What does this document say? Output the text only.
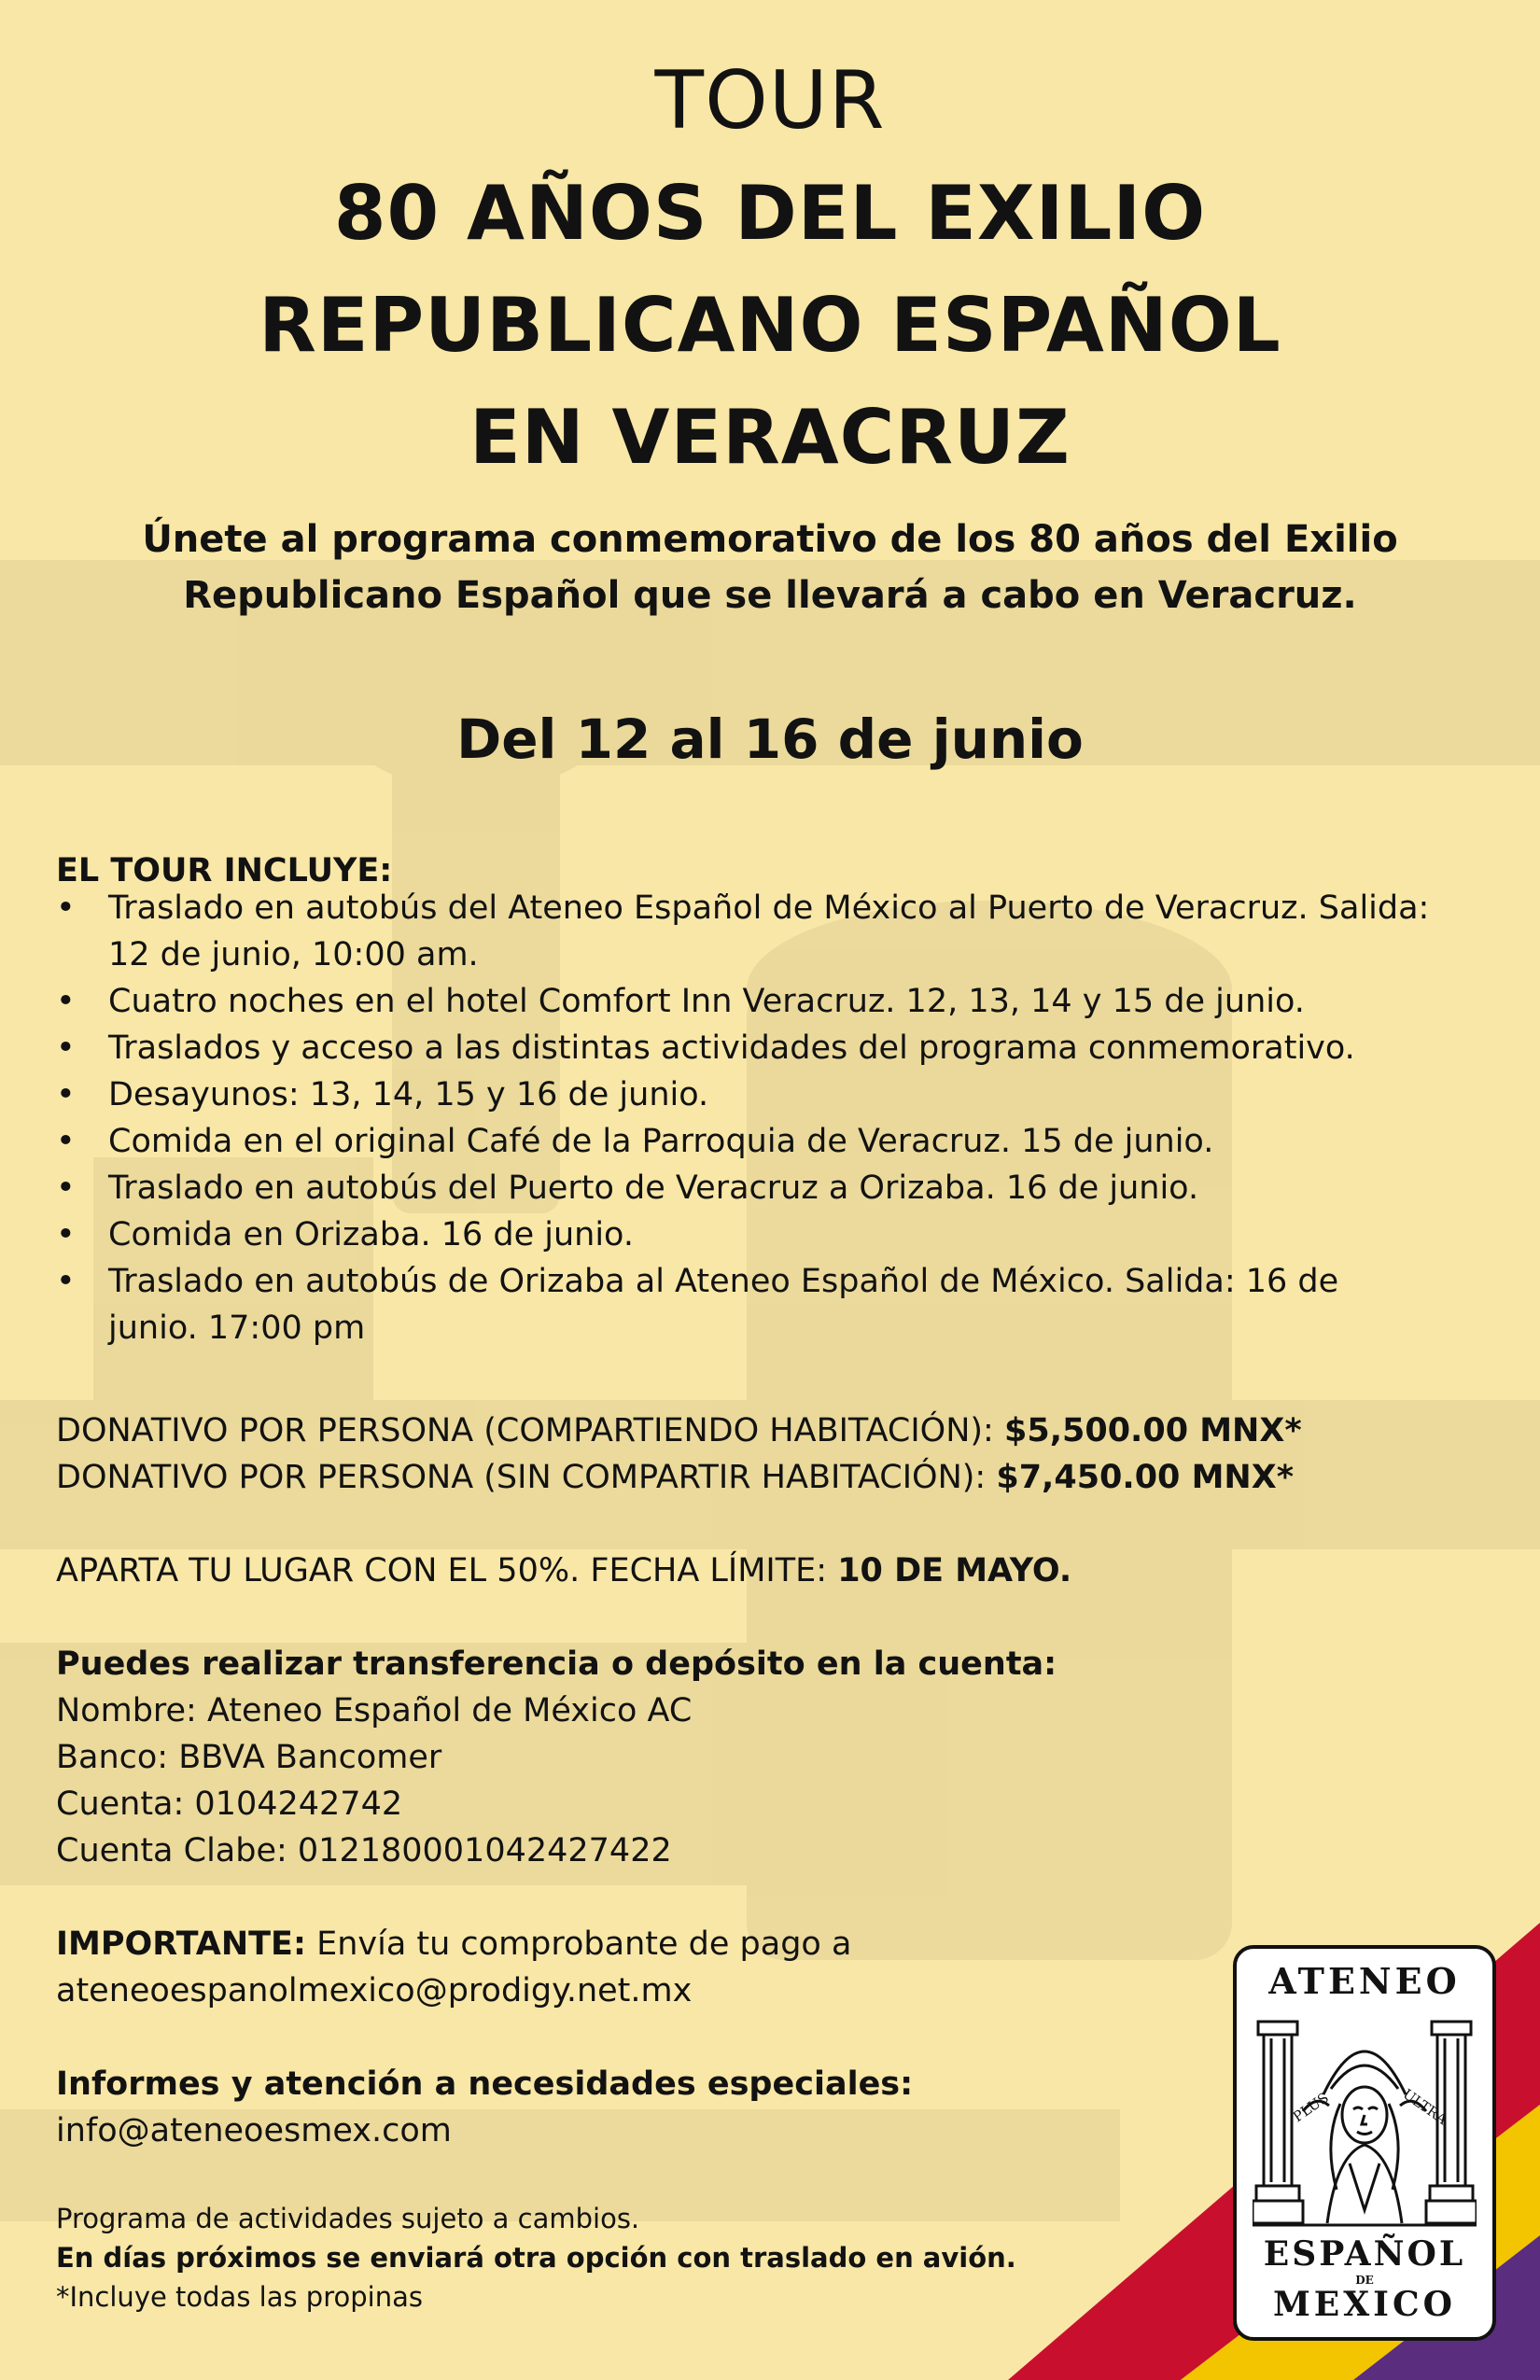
TOUR
80 AÑOS DEL EXILIO
REPUBLICANO ESPAÑOL
EN VERACRUZ
Únete al programa conmemorativo de los 80 años del Exilio
Republicano Español que se llevará a cabo en Veracruz.
Del 12 al 16 de junio
EL TOUR INCLUYE:
• Traslado en autobús del Ateneo Español de México al Puerto de Veracruz. Salida: 12 de junio, 10:00 am.
• Cuatro noches en el hotel Comfort Inn Veracruz. 12, 13, 14 y 15 de junio.
• Traslados y acceso a las distintas actividades del programa conmemorativo.
• Desayunos: 13, 14, 15 y 16 de junio.
• Comida en el original Café de la Parroquia de Veracruz. 15 de junio.
• Traslado en autobús del Puerto de Veracruz a Orizaba. 16 de junio.
• Comida en Orizaba. 16 de junio.
• Traslado en autobús de Orizaba al Ateneo Español de México. Salida: 16 de junio. 17:00 pm
DONATIVO POR PERSONA (COMPARTIENDO HABITACIÓN): $5,500.00 MNX*
DONATIVO POR PERSONA (SIN COMPARTIR HABITACIÓN): $7,450.00 MNX*
APARTA TU LUGAR CON EL 50%. FECHA LÍMITE: 10 DE MAYO.
Puedes realizar transferencia o depósito en la cuenta:
Nombre: Ateneo Español de México AC
Banco: BBVA Bancomer
Cuenta: 0104242742
Cuenta Clabe: 012180001042427422
IMPORTANTE: Envía tu comprobante de pago a
ateneoespanolmexico@prodigy.net.mx
Informes y atención a necesidades especiales:
info@ateneoesmex.com
Programa de actividades sujeto a cambios.
En días próximos se enviará otra opción con traslado en avión.
*Incluye todas las propinas
ATENEO
PLUS	ULTRA
ESPAÑOL
DE
MEXICO
